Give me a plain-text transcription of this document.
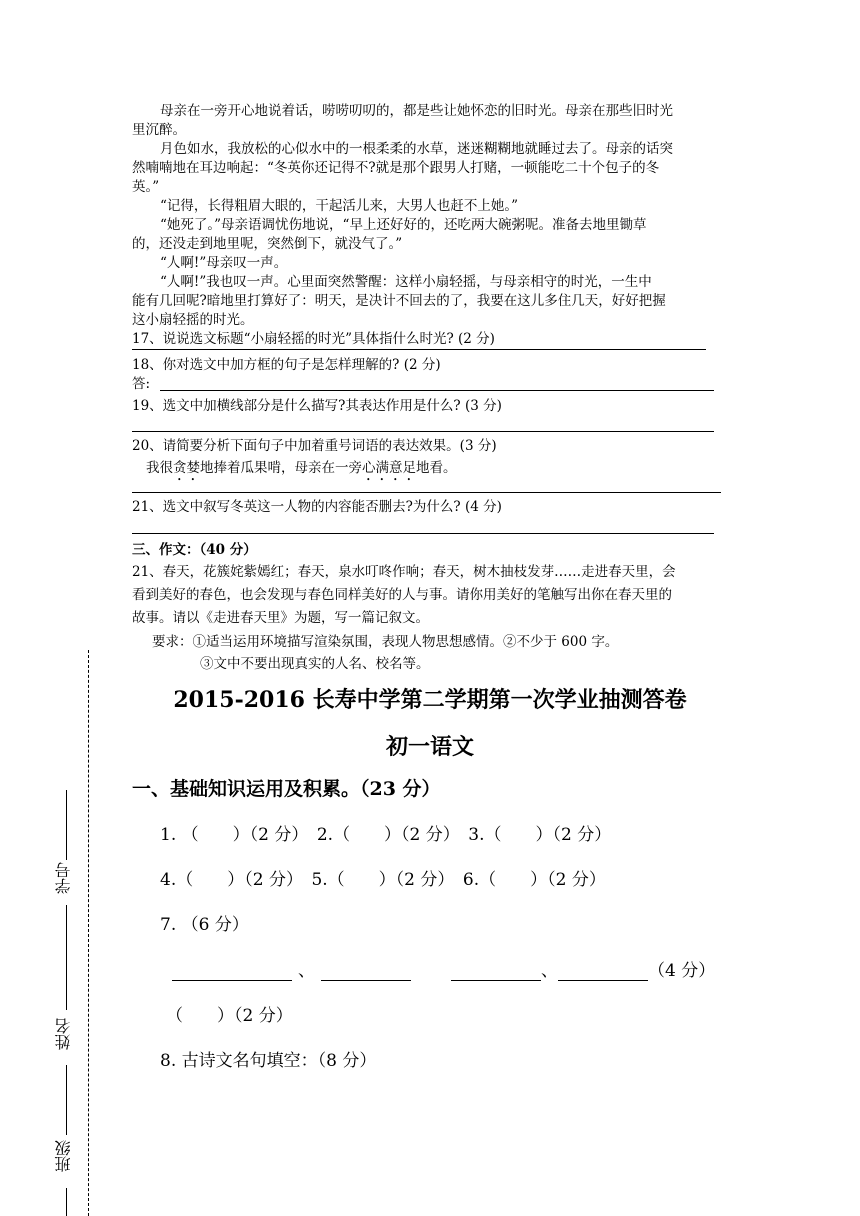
母亲在一旁开心地说着话，唠唠叨叨的，都是些让她怀恋的旧时光。母亲在那些旧时光
里沉醉。
月色如水，我放松的心似水中的一根柔柔的水草，迷迷糊糊地就睡过去了。母亲的话突
然喃喃地在耳边响起：“冬英你还记得不?就是那个跟男人打赌，一顿能吃二十个包子的冬
英。”
“记得，长得粗眉大眼的，干起活儿来，大男人也赶不上她。”
“她死了。”母亲语调忧伤地说，“早上还好好的，还吃两大碗粥呢。准备去地里锄草
的，还没走到地里呢，突然倒下，就没气了。”
“人啊!”母亲叹一声。
“人啊!”我也叹一声。心里面突然警醒：这样小扇轻摇，与母亲相守的时光，一生中
能有几回呢?暗地里打算好了：明天，是决计不回去的了，我要在这儿多住几天，好好把握
这小扇轻摇的时光。
17、说说选文标题“小扇轻摇的时光”具体指什么时光? (2 分)
18、你对选文中加方框的句子是怎样理解的? (2 分)
答:
19、选文中加横线部分是什么描写?其表达作用是什么? (3 分)
20、请简要分析下面句子中加着重号词语的表达效果。(3 分)
我很贪婪地捧着瓜果啃，母亲在一旁心满意足地看。
21、选文中叙写冬英这一人物的内容能否删去?为什么? (4 分)
三、作文：（40 分）
21、春天，花簇姹紫嫣红；春天，泉水叮咚作响；春天，树木抽枝发芽……走进春天里，会
看到美好的春色，也会发现与春色同样美好的人与事。请你用美好的笔触写出你在春天里的
故事。请以《走进春天里》为题，写一篇记叙文。
要求：①适当运用环境描写渲染氛围，表现人物思想感情。②不少于 600 字。
③文中不要出现真实的人名、校名等。
2015-2016 长寿中学第二学期第一次学业抽测答卷
初一语文
一、基础知识运用及积累。（23 分）
1. （　　）（2 分）　2.（　　）（2 分）　3.（　　）（2 分）
4.（　　）（2 分）　5.（　　）（2 分）　6.（　　）（2 分）
7. （6 分）
、	、	（4 分）
（　　）（2 分）
8. 古诗文名句填空：（8 分）
学号
姓名
班级
